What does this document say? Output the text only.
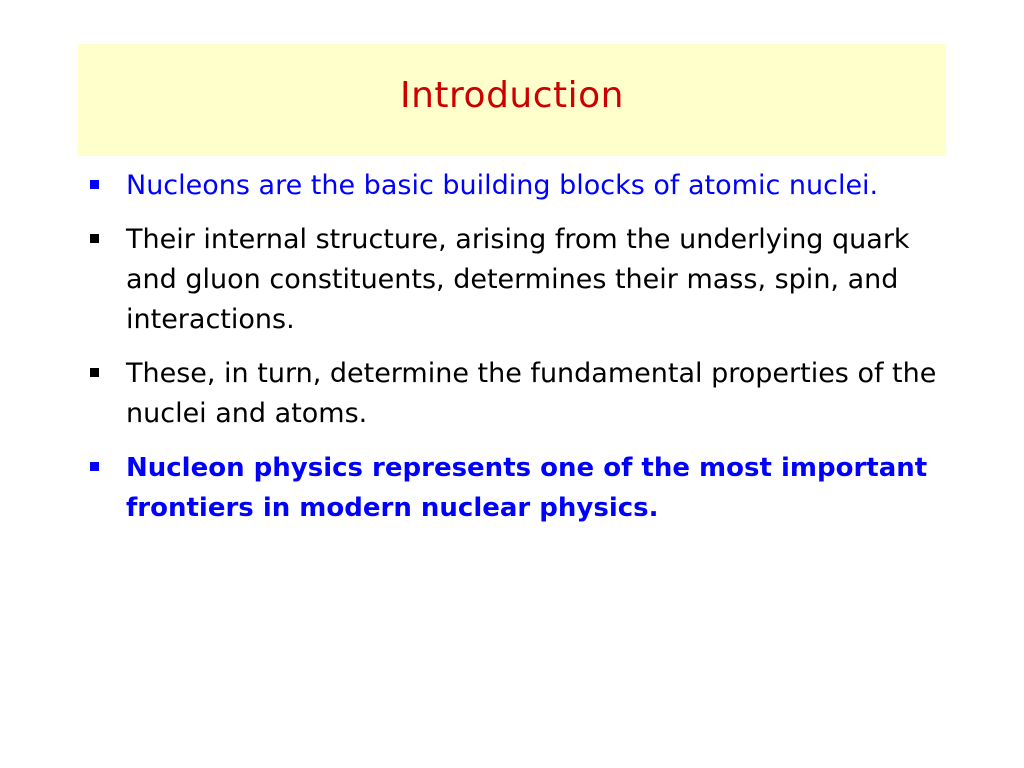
Introduction
Nucleons are the basic building blocks of atomic nuclei.
Their internal structure, arising from the underlying quark and gluon constituents, determines their mass, spin, and interactions.
These, in turn, determine the fundamental properties of the nuclei and atoms.
Nucleon physics represents one of the most important frontiers in modern nuclear physics.
